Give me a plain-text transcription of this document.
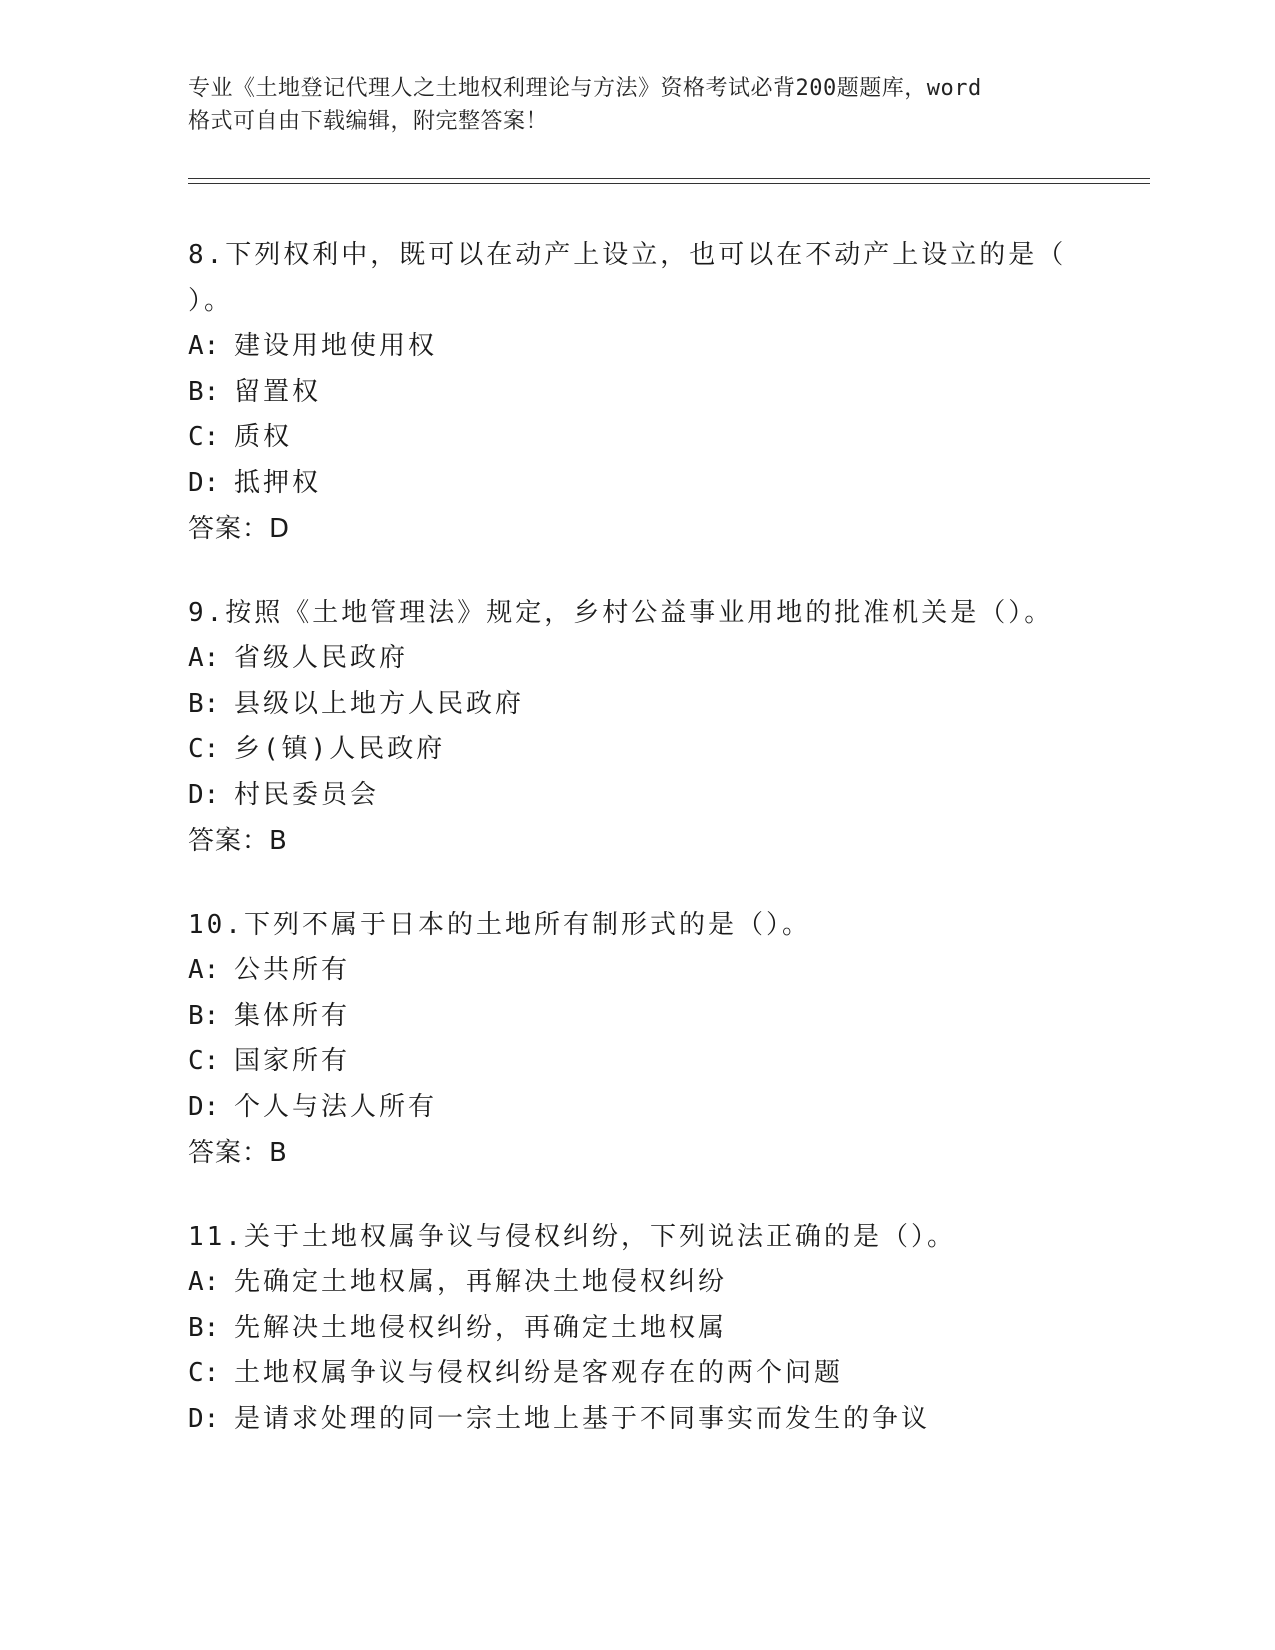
专业《土地登记代理人之土地权利理论与方法》资格考试必背200题题库，word
格式可自由下载编辑，附完整答案！
8.下列权利中，既可以在动产上设立，也可以在不动产上设立的是（
）。
A: 建设用地使用权
B: 留置权
C: 质权
D: 抵押权
答案：D
9.按照《土地管理法》规定，乡村公益事业用地的批准机关是（）。
A: 省级人民政府
B: 县级以上地方人民政府
C: 乡(镇)人民政府
D: 村民委员会
答案：B
10.下列不属于日本的土地所有制形式的是（）。
A: 公共所有
B: 集体所有
C: 国家所有
D: 个人与法人所有
答案：B
11.关于土地权属争议与侵权纠纷，下列说法正确的是（）。
A: 先确定土地权属，再解决土地侵权纠纷
B: 先解决土地侵权纠纷，再确定土地权属
C: 土地权属争议与侵权纠纷是客观存在的两个问题
D: 是请求处理的同一宗土地上基于不同事实而发生的争议
